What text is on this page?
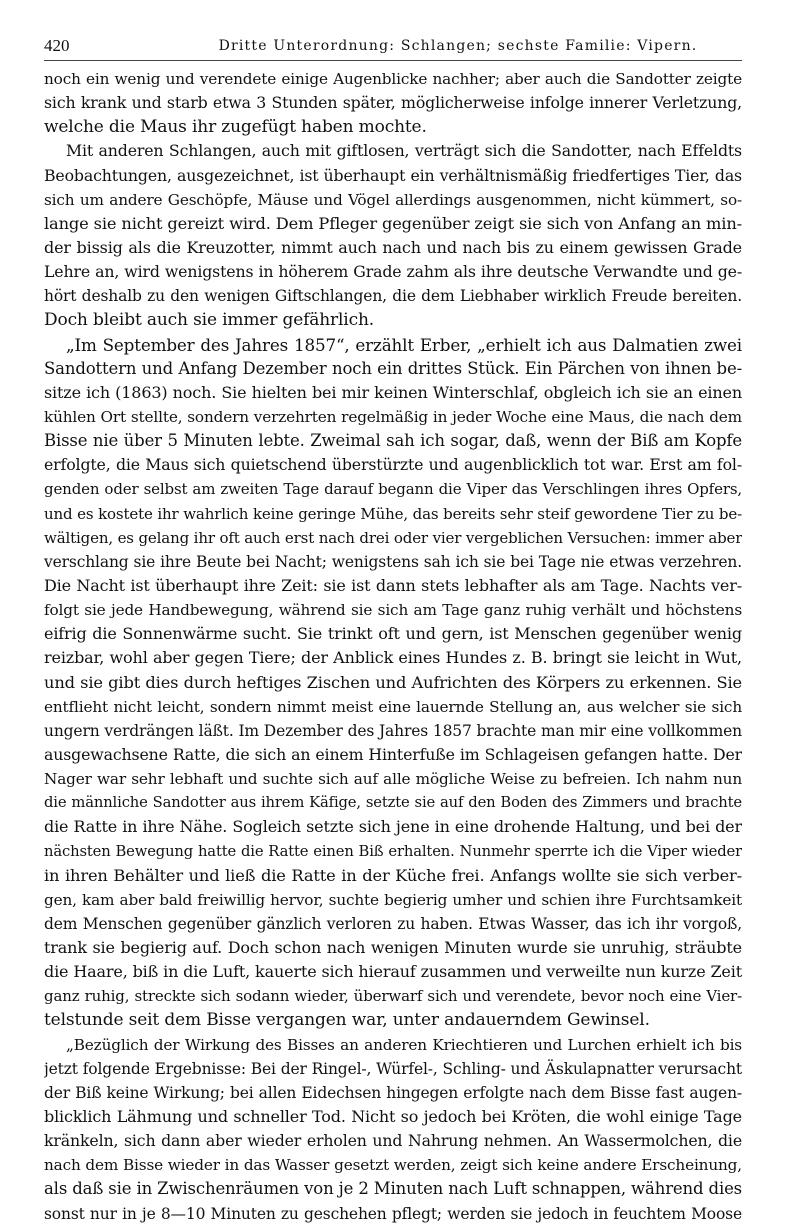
420	Dritte Unterordnung: Schlangen; sechste Familie: Vipern.
noch ein wenig und verendete einige Augenblicke nachher; aber auch die Sandotter zeigte
sich krank und starb etwa 3 Stunden später, möglicherweise infolge innerer Verletzung,
welche die Maus ihr zugefügt haben mochte.
Mit anderen Schlangen, auch mit giftlosen, verträgt sich die Sandotter, nach Effeldts
Beobachtungen, ausgezeichnet, ist überhaupt ein verhältnismäßig friedfertiges Tier, das
sich um andere Geschöpfe, Mäuse und Vögel allerdings ausgenommen, nicht kümmert, so-
lange sie nicht gereizt wird. Dem Pfleger gegenüber zeigt sie sich von Anfang an min-
der bissig als die Kreuzotter, nimmt auch nach und nach bis zu einem gewissen Grade
Lehre an, wird wenigstens in höherem Grade zahm als ihre deutsche Verwandte und ge-
hört deshalb zu den wenigen Giftschlangen, die dem Liebhaber wirklich Freude bereiten.
Doch bleibt auch sie immer gefährlich.
„Im September des Jahres 1857“, erzählt Erber, „erhielt ich aus Dalmatien zwei
Sandottern und Anfang Dezember noch ein drittes Stück. Ein Pärchen von ihnen be-
sitze ich (1863) noch. Sie hielten bei mir keinen Winterschlaf, obgleich ich sie an einen
kühlen Ort stellte, sondern verzehrten regelmäßig in jeder Woche eine Maus, die nach dem
Bisse nie über 5 Minuten lebte. Zweimal sah ich sogar, daß, wenn der Biß am Kopfe
erfolgte, die Maus sich quietschend überstürzte und augenblicklich tot war. Erst am fol-
genden oder selbst am zweiten Tage darauf begann die Viper das Verschlingen ihres Opfers,
und es kostete ihr wahrlich keine geringe Mühe, das bereits sehr steif gewordene Tier zu be-
wältigen, es gelang ihr oft auch erst nach drei oder vier vergeblichen Versuchen: immer aber
verschlang sie ihre Beute bei Nacht; wenigstens sah ich sie bei Tage nie etwas verzehren.
Die Nacht ist überhaupt ihre Zeit: sie ist dann stets lebhafter als am Tage. Nachts ver-
folgt sie jede Handbewegung, während sie sich am Tage ganz ruhig verhält und höchstens
eifrig die Sonnenwärme sucht. Sie trinkt oft und gern, ist Menschen gegenüber wenig
reizbar, wohl aber gegen Tiere; der Anblick eines Hundes z. B. bringt sie leicht in Wut,
und sie gibt dies durch heftiges Zischen und Aufrichten des Körpers zu erkennen. Sie
entflieht nicht leicht, sondern nimmt meist eine lauernde Stellung an, aus welcher sie sich
ungern verdrängen läßt. Im Dezember des Jahres 1857 brachte man mir eine vollkommen
ausgewachsene Ratte, die sich an einem Hinterfuße im Schlageisen gefangen hatte. Der
Nager war sehr lebhaft und suchte sich auf alle mögliche Weise zu befreien. Ich nahm nun
die männliche Sandotter aus ihrem Käfige, setzte sie auf den Boden des Zimmers und brachte
die Ratte in ihre Nähe. Sogleich setzte sich jene in eine drohende Haltung, und bei der
nächsten Bewegung hatte die Ratte einen Biß erhalten. Nunmehr sperrte ich die Viper wieder
in ihren Behälter und ließ die Ratte in der Küche frei. Anfangs wollte sie sich verber-
gen, kam aber bald freiwillig hervor, suchte begierig umher und schien ihre Furchtsamkeit
dem Menschen gegenüber gänzlich verloren zu haben. Etwas Wasser, das ich ihr vorgoß,
trank sie begierig auf. Doch schon nach wenigen Minuten wurde sie unruhig, sträubte
die Haare, biß in die Luft, kauerte sich hierauf zusammen und verweilte nun kurze Zeit
ganz ruhig, streckte sich sodann wieder, überwarf sich und verendete, bevor noch eine Vier-
telstunde seit dem Bisse vergangen war, unter andauerndem Gewinsel.
„Bezüglich der Wirkung des Bisses an anderen Kriechtieren und Lurchen erhielt ich bis
jetzt folgende Ergebnisse: Bei der Ringel-, Würfel-, Schling- und Äskulapnatter verursacht
der Biß keine Wirkung; bei allen Eidechsen hingegen erfolgte nach dem Bisse fast augen-
blicklich Lähmung und schneller Tod. Nicht so jedoch bei Kröten, die wohl einige Tage
kränkeln, sich dann aber wieder erholen und Nahrung nehmen. An Wassermolchen, die
nach dem Bisse wieder in das Wasser gesetzt werden, zeigt sich keine andere Erscheinung,
als daß sie in Zwischenräumen von je 2 Minuten nach Luft schnappen, während dies
sonst nur in je 8—10 Minuten zu geschehen pflegt; werden sie jedoch in feuchtem Moose
